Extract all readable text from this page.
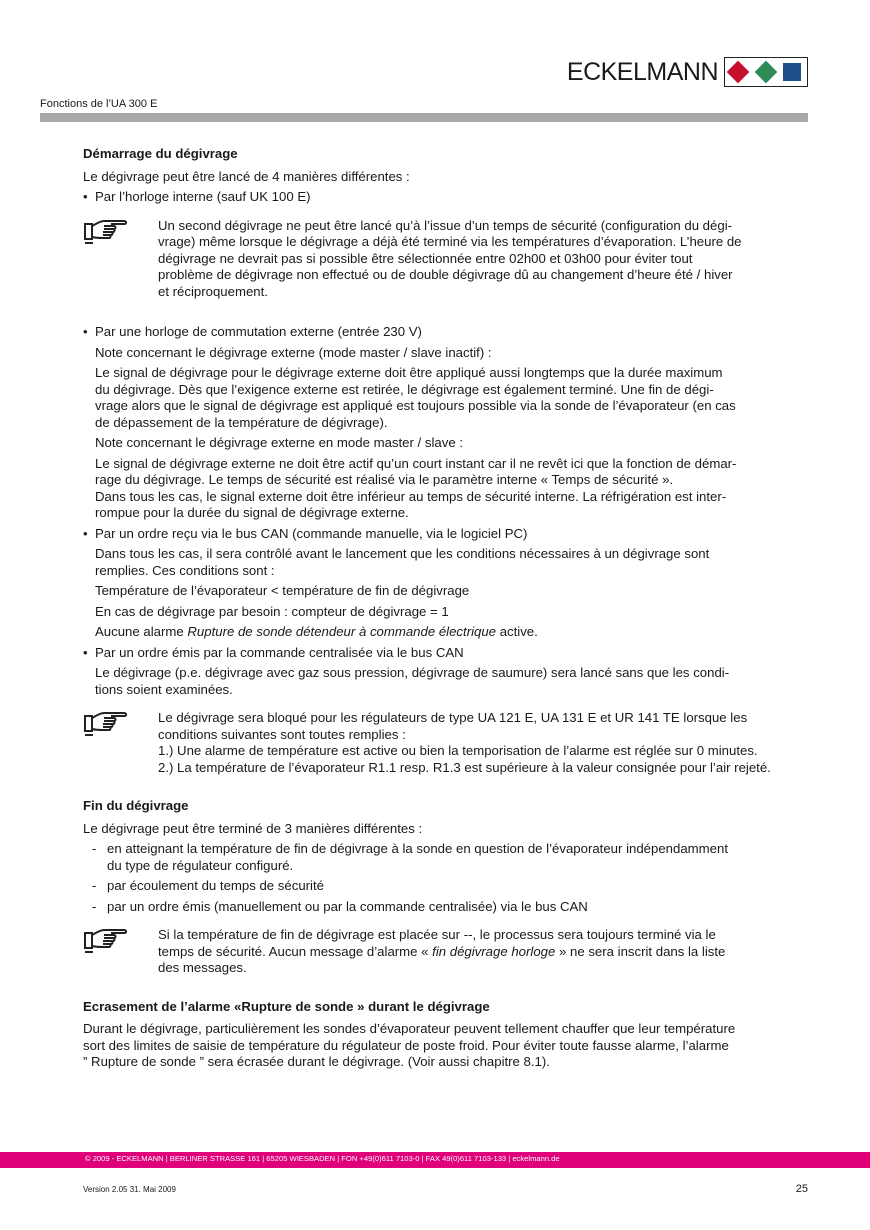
ECKELMANN
Fonctions de l’UA 300 E
Démarrage du dégivrage
Le dégivrage peut être lancé de 4 manières différentes :
• Par l’horloge interne (sauf UK 100 E)
Un second dégivrage ne peut être lancé qu’à l’issue d’un temps de sécurité (configuration du dégi-
vrage) même lorsque le dégivrage a déjà été terminé via les températures d’évaporation. L’heure de
dégivrage ne devrait pas si possible être sélectionnée entre 02h00 et 03h00 pour éviter tout
problème de dégivrage non effectué ou de double dégivrage dû au changement d’heure été / hiver
et réciproquement.
• Par une horloge de commutation externe (entrée 230 V)
Note concernant le dégivrage externe (mode master / slave inactif) :
Le signal de dégivrage pour le dégivrage externe doit être appliqué aussi longtemps que la durée maximum
du dégivrage. Dès que l’exigence externe est retirée, le dégivrage est également terminé. Une fin de dégi-
vrage alors que le signal de dégivrage est appliqué est toujours possible via la sonde de l’évaporateur (en cas
de dépassement de la température de dégivrage).
Note concernant le dégivrage externe en mode master / slave :
Le signal de dégivrage externe ne doit être actif qu’un court instant car il ne revêt ici que la fonction de démar-
rage du dégivrage. Le temps de sécurité est réalisé via le paramètre interne « Temps de sécurité ».
Dans tous les cas, le signal externe doit être inférieur au temps de sécurité interne. La réfrigération est inter-
rompue pour la durée du signal de dégivrage externe.
• Par un ordre reçu via le bus CAN (commande manuelle, via le logiciel PC)
Dans tous les cas, il sera contrôlé avant le lancement que les conditions nécessaires à un dégivrage sont
remplies. Ces conditions sont :
Température de l’évaporateur < température de fin de dégivrage
En cas de dégivrage par besoin : compteur de dégivrage = 1
Aucune alarme Rupture de sonde détendeur à commande électrique active.
• Par un ordre émis par la commande centralisée via le bus CAN
Le dégivrage (p.e. dégivrage avec gaz sous pression, dégivrage de saumure) sera lancé sans que les condi-
tions soient examinées.
Le dégivrage sera bloqué pour les régulateurs de type UA 121 E, UA 131 E et UR 141 TE lorsque les
conditions suivantes sont toutes remplies :
1.) Une alarme de température est active ou bien la temporisation de l’alarme est réglée sur 0 minutes.
2.) La température de l’évaporateur R1.1 resp. R1.3 est supérieure à la valeur consignée pour l’air rejeté.
Fin du dégivrage
Le dégivrage peut être terminé de 3 manières différentes :
- en atteignant la température de fin de dégivrage à la sonde en question de l’évaporateur indépendamment
du type de régulateur configuré.
- par écoulement du temps de sécurité
- par un ordre émis (manuellement ou par la commande centralisée) via le bus CAN
Si la température de fin de dégivrage est placée sur --, le processus sera toujours terminé via le
temps de sécurité. Aucun message d’alarme « fin dégivrage horloge » ne sera inscrit dans la liste
des messages.
Ecrasement de l’alarme «Rupture de sonde » durant le dégivrage
Durant le dégivrage, particulièrement les sondes d’évaporateur peuvent tellement chauffer que leur température
sort des limites de saisie de température du régulateur de poste froid. Pour éviter toute fausse alarme, l’alarme
” Rupture de sonde ” sera écrasée durant le dégivrage. (Voir aussi chapitre 8.1).
© 2009 - ECKELMANN | BERLINER STRASSE 161 | 65205 WIESBADEN | FON +49(0)611 7103-0 | FAX 49(0)611 7103-133 | eckelmann.de
Version 2.05 31. Mai 2009	25
